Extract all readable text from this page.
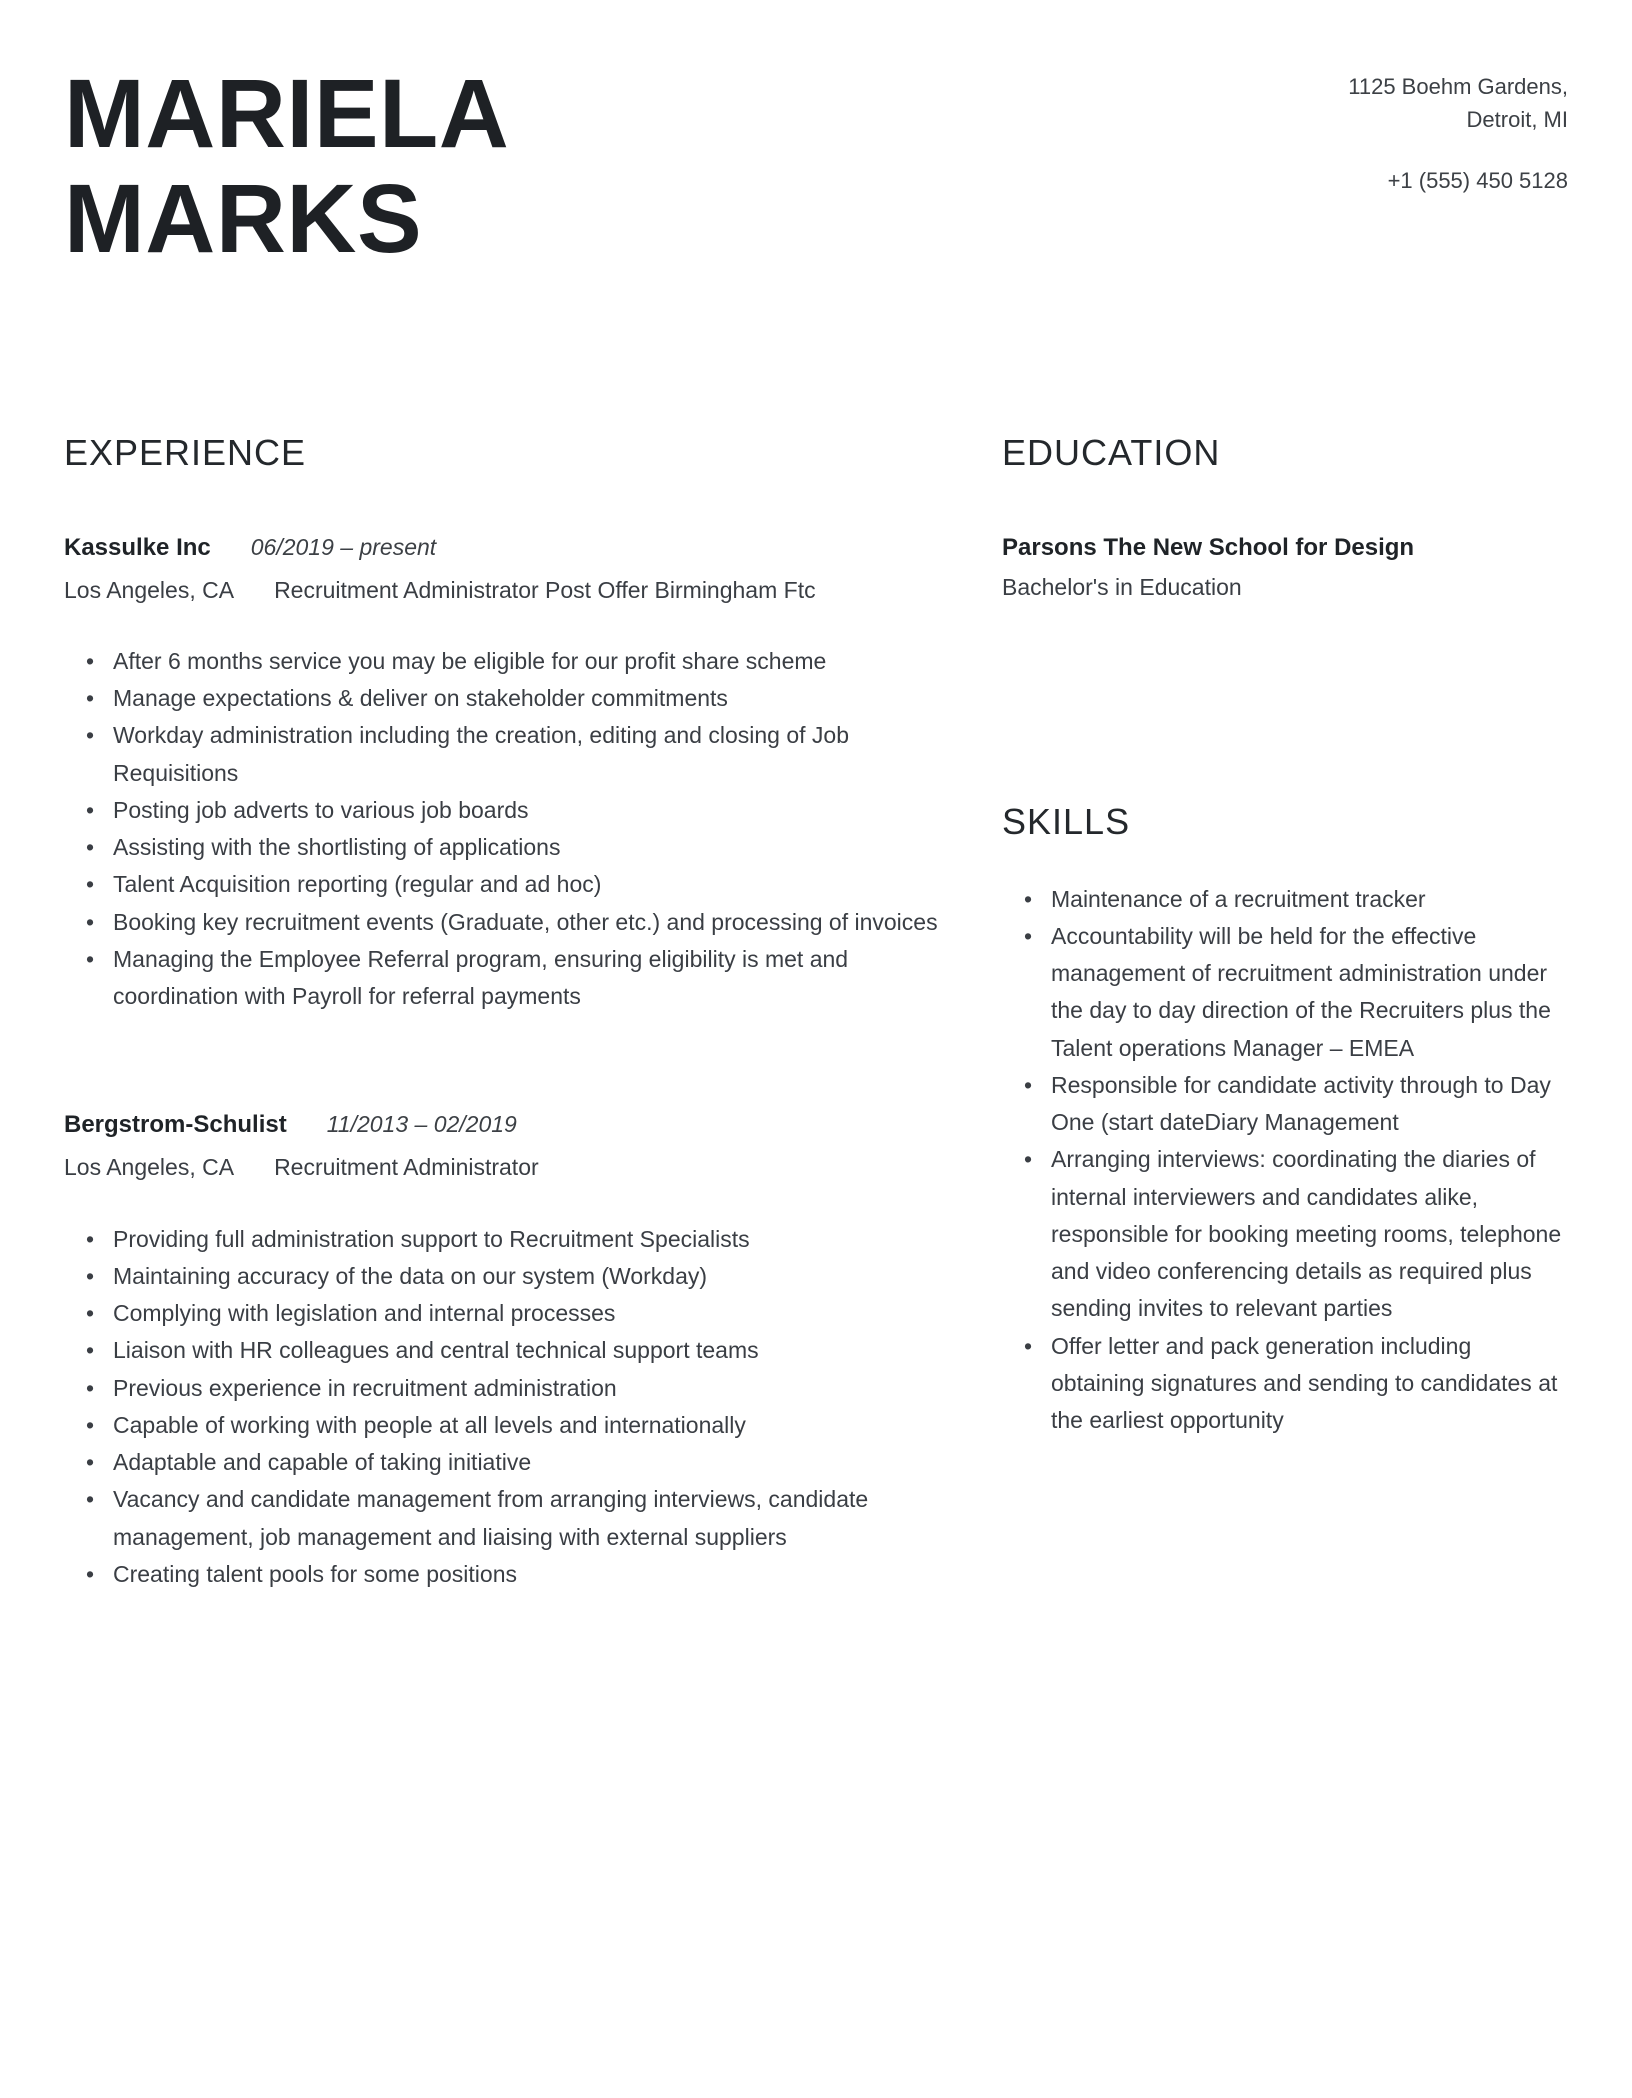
MARIELA
MARKS
1125 Boehm Gardens,
Detroit, MI
+1 (555) 450 5128
EXPERIENCE
Kassulke Inc 06/2019 – present
Los Angeles, CA Recruitment Administrator Post Offer Birmingham Ftc
• After 6 months service you may be eligible for our profit share scheme
• Manage expectations & deliver on stakeholder commitments
• Workday administration including the creation, editing and closing of Job Requisitions
• Posting job adverts to various job boards
• Assisting with the shortlisting of applications
• Talent Acquisition reporting (regular and ad hoc)
• Booking key recruitment events (Graduate, other etc.) and processing of invoices
• Managing the Employee Referral program, ensuring eligibility is met and coordination with Payroll for referral payments
Bergstrom-Schulist 11/2013 – 02/2019
Los Angeles, CA Recruitment Administrator
• Providing full administration support to Recruitment Specialists
• Maintaining accuracy of the data on our system (Workday)
• Complying with legislation and internal processes
• Liaison with HR colleagues and central technical support teams
• Previous experience in recruitment administration
• Capable of working with people at all levels and internationally
• Adaptable and capable of taking initiative
• Vacancy and candidate management from arranging interviews, candidate management, job management and liaising with external suppliers
• Creating talent pools for some positions
EDUCATION
Parsons The New School for Design
Bachelor's in Education
SKILLS
• Maintenance of a recruitment tracker
• Accountability will be held for the effective management of recruitment administration under the day to day direction of the Recruiters plus the Talent operations Manager – EMEA
• Responsible for candidate activity through to Day One (start dateDiary Management
• Arranging interviews: coordinating the diaries of internal interviewers and candidates alike, responsible for booking meeting rooms, telephone and video conferencing details as required plus sending invites to relevant parties
• Offer letter and pack generation including obtaining signatures and sending to candidates at the earliest opportunity
